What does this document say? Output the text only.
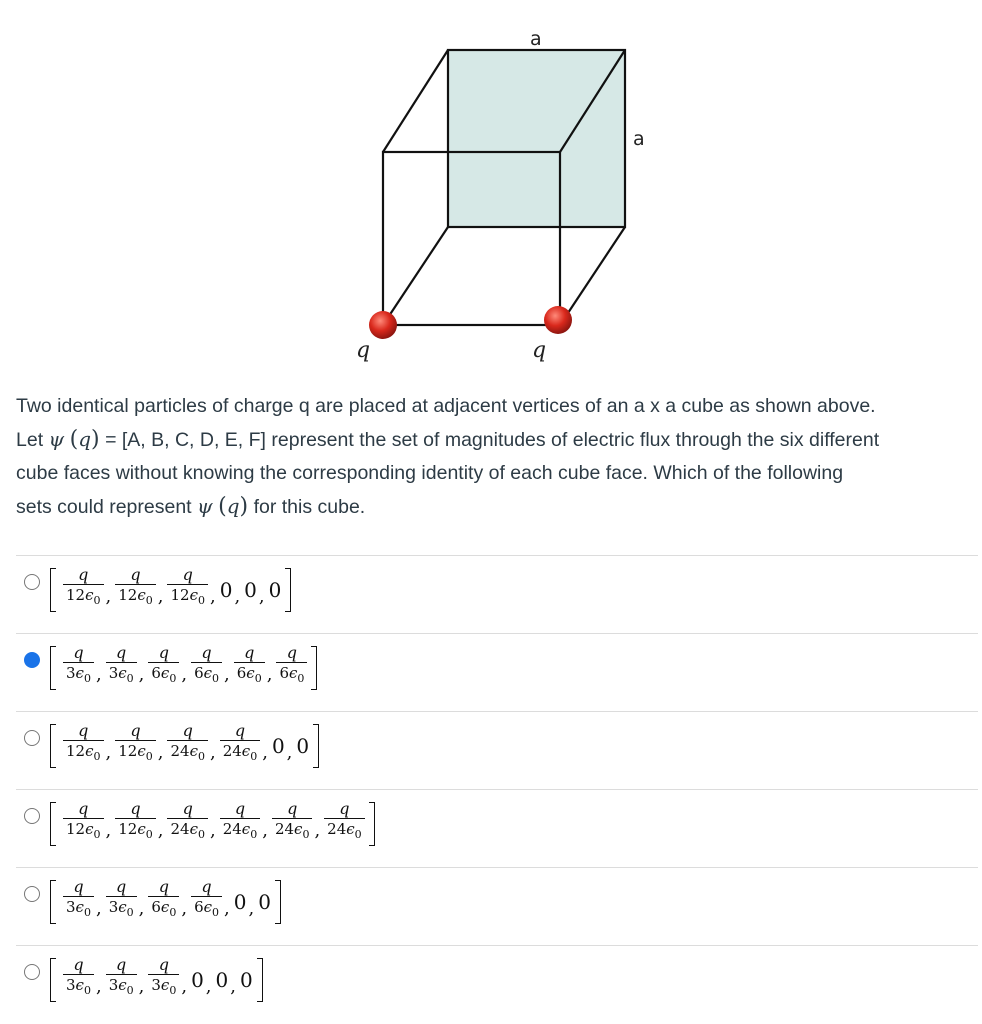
a
a
q	q
Two identical particles of charge q are placed at adjacent vertices of an a x a cube as shown above.
Let ψ (q) = [A, B, C, D, E, F] represent the set of magnitudes of electric flux through the six different
cube faces without knowing the corresponding identity of each cube face. Which of the following
sets could represent ψ (q) for this cube.
$\frac{q}{12\epsilon_0}$ , $\frac{q}{12\epsilon_0}$ , $\frac{q}{12\epsilon_0}$ , 0 , 0 , 0
$\frac{q}{3\epsilon_0}$ , $\frac{q}{3\epsilon_0}$ , $\frac{q}{6\epsilon_0}$ , $\frac{q}{6\epsilon_0}$ , $\frac{q}{6\epsilon_0}$ , $\frac{q}{6\epsilon_0}$
$\frac{q}{12\epsilon_0}$ , $\frac{q}{12\epsilon_0}$ , $\frac{q}{24\epsilon_0}$ , $\frac{q}{24\epsilon_0}$ , 0 , 0
$\frac{q}{12\epsilon_0}$ , $\frac{q}{12\epsilon_0}$ , $\frac{q}{24\epsilon_0}$ , $\frac{q}{24\epsilon_0}$ , $\frac{q}{24\epsilon_0}$ , $\frac{q}{24\epsilon_0}$
$\frac{q}{3\epsilon_0}$ , $\frac{q}{3\epsilon_0}$ , $\frac{q}{6\epsilon_0}$ , $\frac{q}{6\epsilon_0}$ , 0 , 0
$\frac{q}{3\epsilon_0}$ , $\frac{q}{3\epsilon_0}$ , $\frac{q}{3\epsilon_0}$ , 0 , 0 , 0
